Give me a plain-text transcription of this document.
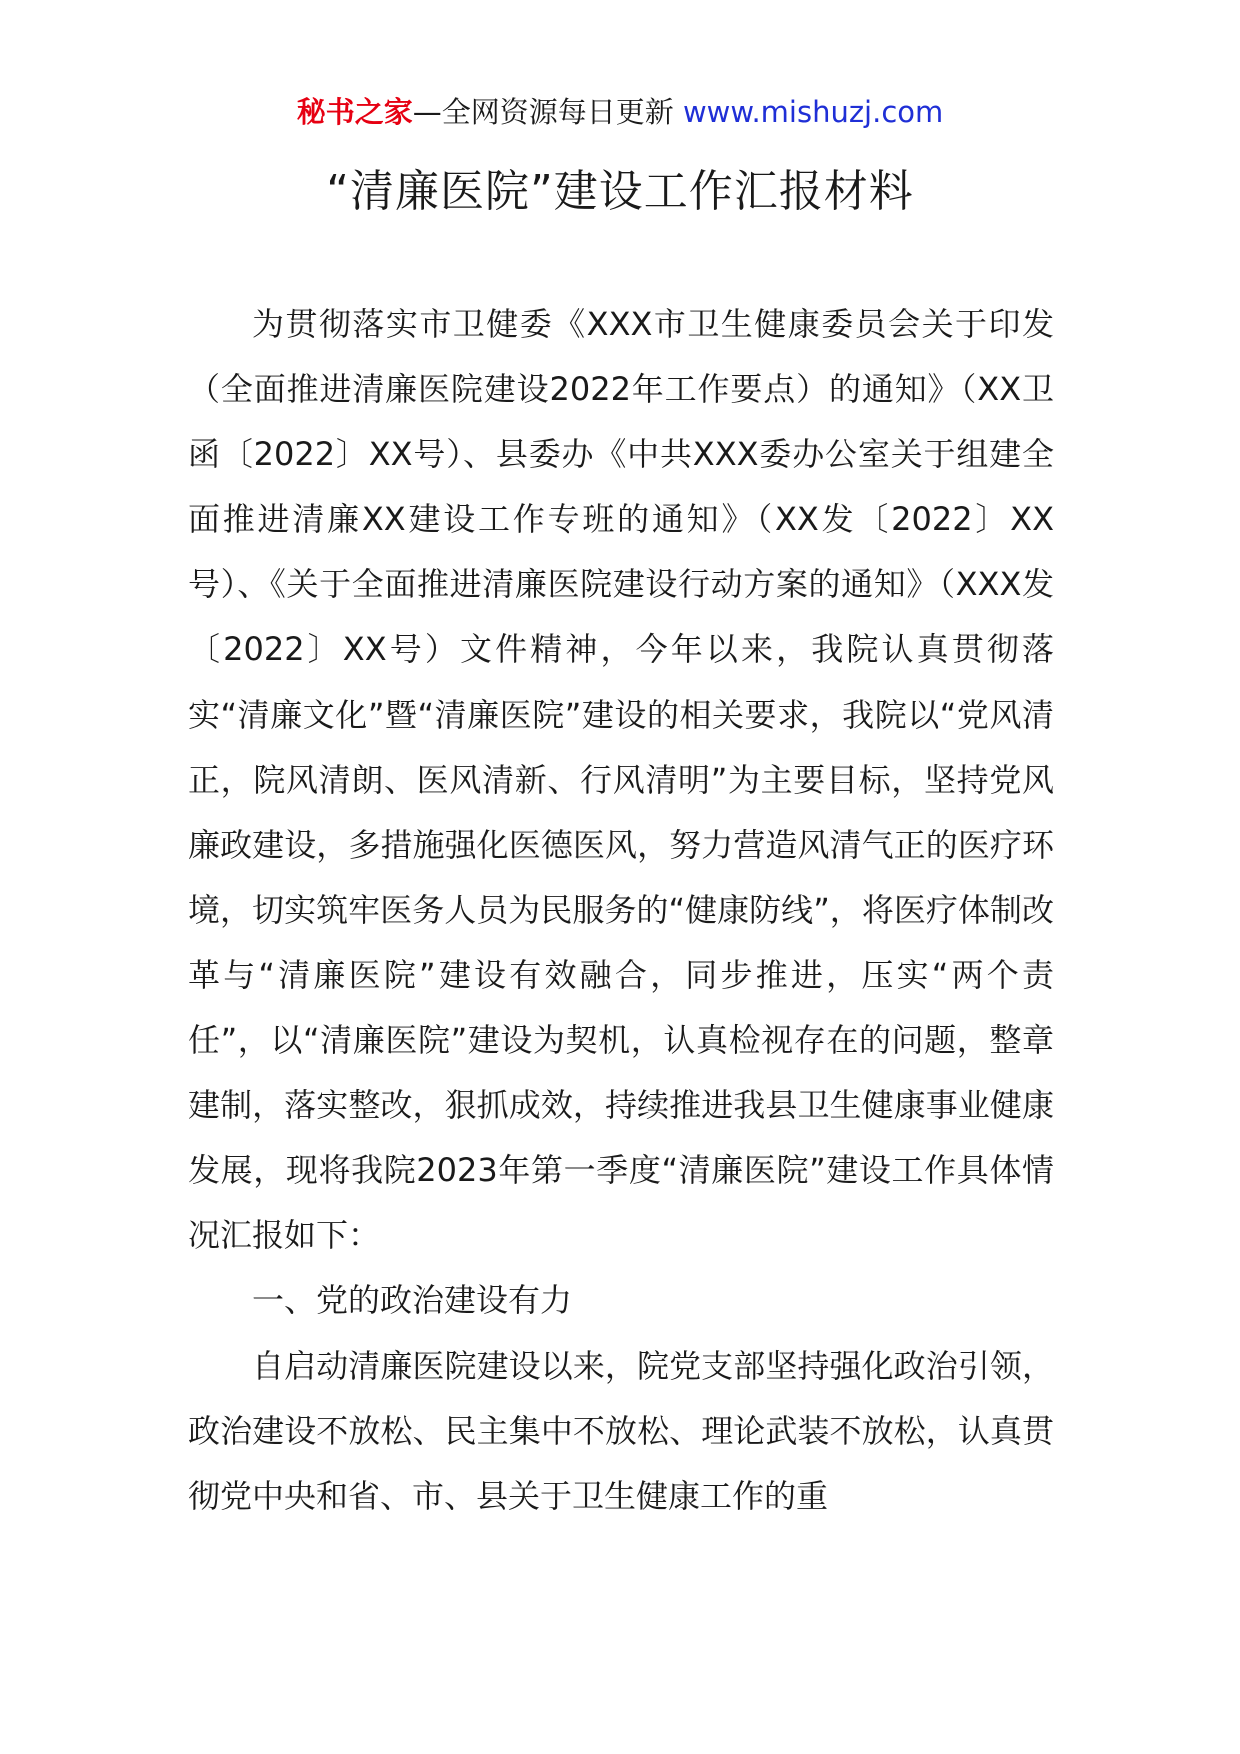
秘书之家—全网资源每日更新 www.mishuzj.com
“清廉医院”建设工作汇报材料

为贯彻落实市卫健委《XXX市卫生健康委员会关于印发（全面推进清廉医院建设2022年工作要点）的通知》（XX卫函〔2022〕XX号）、县委办《中共XXX委办公室关于组建全面推进清廉XX建设工作专班的通知》（XX发〔2022〕XX号）、《关于全面推进清廉医院建设行动方案的通知》（XXX发〔2022〕XX号）文件精神，今年以来，我院认真贯彻落实“清廉文化”暨“清廉医院”建设的相关要求，我院以“党风清正，院风清朗、医风清新、行风清明”为主要目标，坚持党风廉政建设，多措施强化医德医风，努力营造风清气正的医疗环境，切实筑牢医务人员为民服务的“健康防线”，将医疗体制改革与“清廉医院”建设有效融合，同步推进，压实“两个责任”，以“清廉医院”建设为契机，认真检视存在的问题，整章建制，落实整改，狠抓成效，持续推进我县卫生健康事业健康发展，现将我院2023年第一季度“清廉医院”建设工作具体情况汇报如下：

一、党的政治建设有力

自启动清廉医院建设以来，院党支部坚持强化政治引领，政治建设不放松、民主集中不放松、理论武装不放松，认真贯彻党中央和省、市、县关于卫生健康工作的重
